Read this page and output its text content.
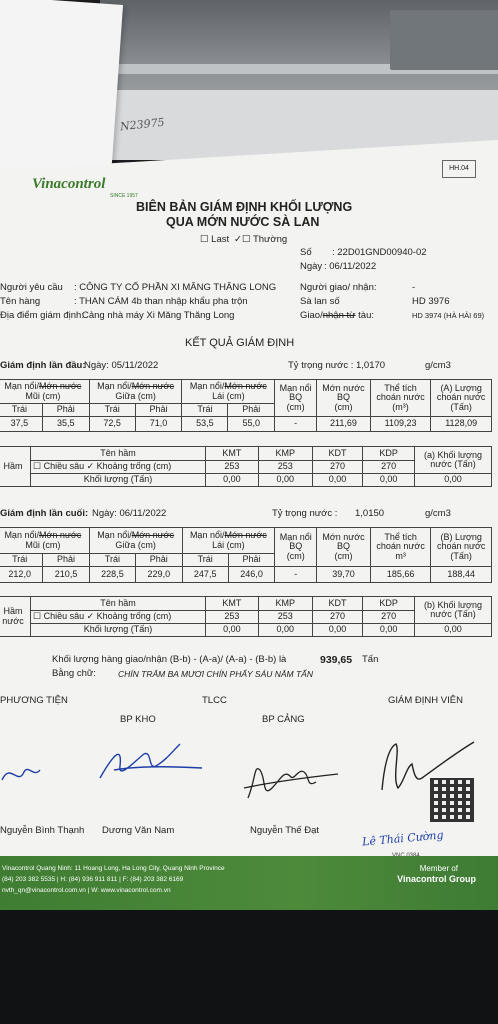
N23975
HH.04
Vinacontrol
SINCE 1957
BIÊN BẢN GIÁM ĐỊNH KHỐI LƯỢNG
QUA MỚN NƯỚC SÀ LAN
☐ Last ✓☐ Thường
Số : 22D01GND00940-02
Ngày : 06/11/2022
Người yêu cầu : CÔNG TY CỔ PHẦN XI MĂNG THĂNG LONG
Tên hàng	: THAN CÁM 4b than nhập khẩu pha trộn
Địa điểm giám định:
Cảng nhà máy Xi Măng Thăng Long
Người giao/ nhận:	-
Sà lan số	HD 3976
Giao/nhận từ tàu:	HD 3974 (HÀ HẢI 69)
KẾT QUẢ GIÁM ĐỊNH
Giám định lần đầu:
Ngày: 05/11/2022	Tỷ trọng nước : 1,0170	g/cm3
Mạn nổi/Mớn nước
Mũi (cm)		Mạn nổi/Mớn nước
Giữa (cm)		Mạn nổi/Mớn nước
Lái (cm)		Mạn nổi
BQ
(cm)	Mớn nước
BQ
(cm)	Thể tích
choán nước
(m³)	(A) Lượng
choán nước
(Tấn)
Trái	Phải	Trái	Phải	Trái	Phải				
37,5	35,5	72,5	71,0	53,5	55,0	-	211,69	1109,23	1128,09
Hầm	Tên hầm	KMT	KMP	KDT	KDP	(a) Khối lượng
nước (Tấn)
	☐ Chiều sâu ✓ Khoảng trống (cm)	253	253	270	270	
	Khối lượng (Tấn)	0,00	0,00	0,00	0,00	0,00
Giám định lần cuối: Ngày: 06/11/2022	Tỷ trọng nước : 1,0150	g/cm3
Mạn nổi/Mớn nước
Mũi (cm)		Mạn nổi/Mớn nước
Giữa (cm)		Mạn nổi/Mớn nước
Lái (cm)		Mạn nổi
BQ
(cm)	Mớn nước
BQ
(cm)	Thể tích
choán nước
m³	(B) Lượng
choán nước
(Tấn)
Trái	Phải	Trái	Phải	Trái	Phải				
212,0	210,5	228,5	229,0	247,5	246,0	-	39,70	185,66	188,44
Hầm
nước	Tên hầm	KMT	KMP	KDT	KDP	(b) Khối lượng
nước (Tấn)
	☐ Chiều sâu ✓ Khoảng trống (cm)	253	253	270	270	
	Khối lượng (Tấn)	0,00	0,00	0,00	0,00	0,00
Khối lượng hàng giao/nhận (B-b) - (A-a)/ (A-a) - (B-b) là	939,65 Tấn
Bằng chữ:	CHÍN TRĂM BA MƯƠI CHÍN PHẨY SÁU NĂM TẤN
PHƯƠNG TIỆN	TLCC	GIÁM ĐỊNH VIÊN
BP KHO	BP CẢNG
Nguyễn Bình Thạnh Dương Văn Nam	Nguyễn Thế Đạt	Lê Thái Cường
Vinacontrol Quang Ninh: 11 Hoang Long, Ha Long City, Quang Ninh Province
(84) 203 382 5535 | H: (84) 936 911 811 | F: (84) 203 382 6169
nvth_qn@vinacontrol.com.vn | W: www.vinacontrol.com.vn
Member of
Vinacontrol Group
